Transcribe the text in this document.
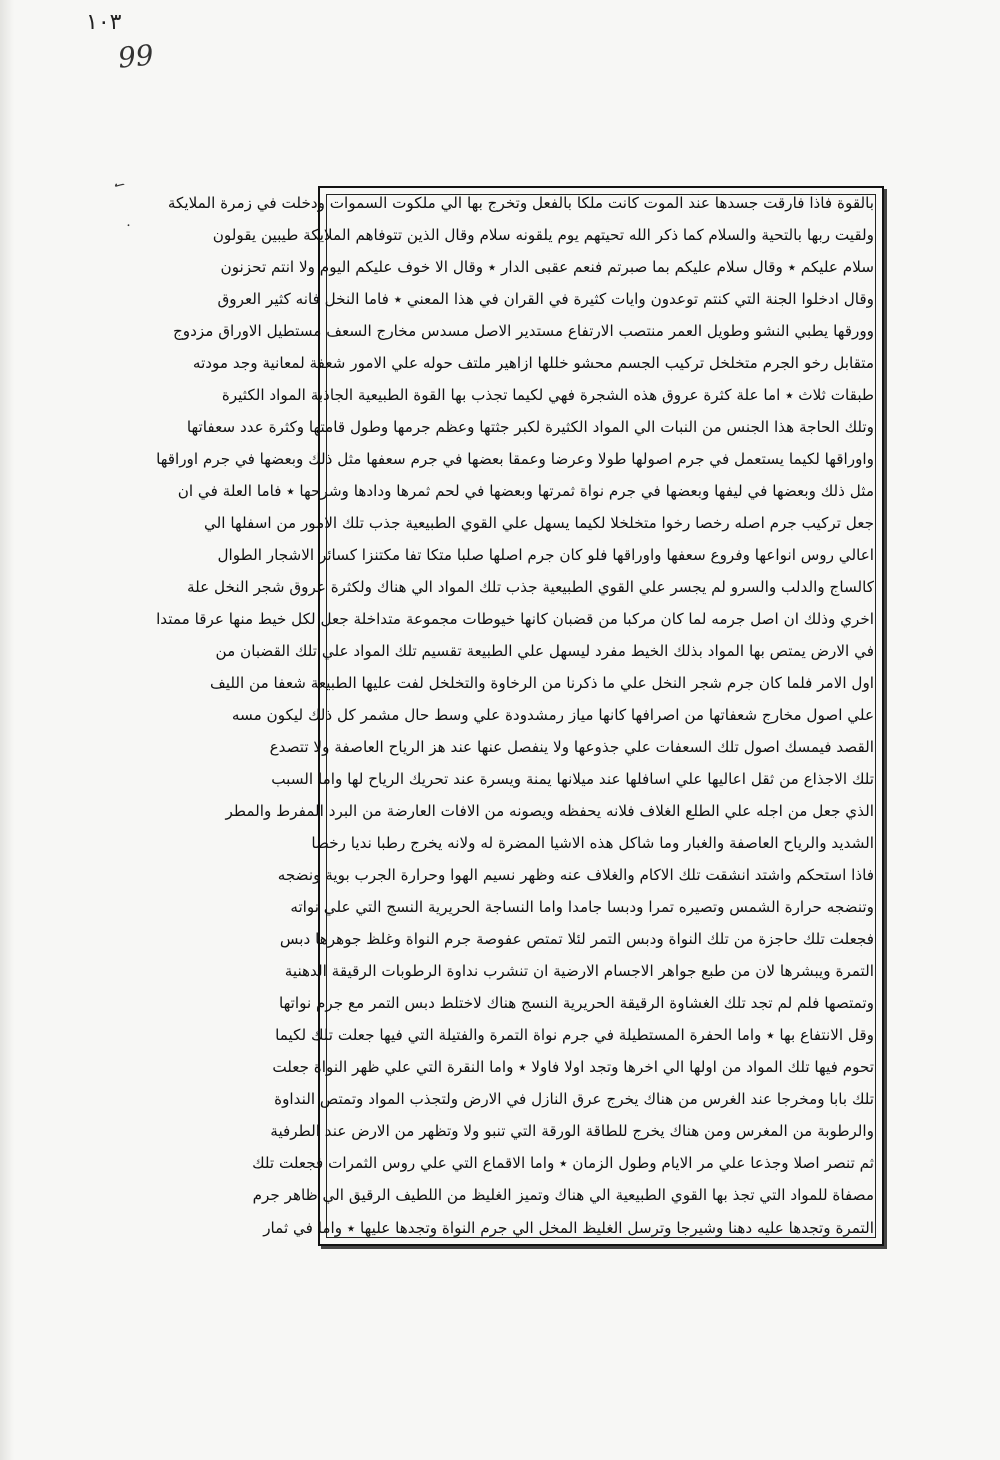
١٠٣
99
✓
·
بالقوة فاذا فارقت جسدها عند الموت كانت ملكا بالفعل وتخرج بها الي ملكوت السموات ودخلت في زمرة الملايكة
ولقيت ربها بالتحية والسلام كما ذكر الله تحيتهم يوم يلقونه سلام وقال الذين تتوفاهم الملايكة طيبين يقولون
سلام عليكم ٭ وقال سلام عليكم بما صبرتم فنعم عقبى الدار ٭ وقال الا خوف عليكم اليوم ولا انتم تحزنون
وقال ادخلوا الجنة التي كنتم توعدون وايات كثيرة في القران في هذا المعني ٭ فاما النخل فانه كثير العروق
وورقها يطبي النشو وطويل العمر منتصب الارتفاع مستدير الاصل مسدس مخارج السعف مستطيل الاوراق مزدوج
متقابل رخو الجرم متخلخل تركيب الجسم محشو خللها ازاهير ملتف حوله علي الامور شعفة لمعانية وجد مودته
طبقات ثلاث ٭ اما علة كثرة عروق هذه الشجرة فهي لكيما تجذب بها القوة الطبيعية الجاذبة المواد الكثيرة
وتلك الحاجة هذا الجنس من النبات الي المواد الكثيرة لكبر جثتها وعظم جرمها وطول قامتها وكثرة عدد سعفاتها
واوراقها لكيما يستعمل في جرم اصولها طولا وعرضا وعمقا بعضها في جرم سعفها مثل ذلك وبعضها في جرم اوراقها
مثل ذلك وبعضها في ليفها وبعضها في جرم نواة ثمرتها وبعضها في لحم ثمرها ودادها وشرحها ٭ فاما العلة في ان
جعل تركيب جرم اصله رخصا رخوا متخلخلا لكيما يسهل علي القوي الطبيعية جذب تلك الامور من اسفلها الي
اعالي روس انواعها وفروع سعفها واوراقها فلو كان جرم اصلها صلبا متكا تفا مكتنزا كسائر الاشجار الطوال
كالساج والدلب والسرو لم يجسر علي القوي الطبيعية جذب تلك المواد الي هناك ولكثرة عروق شجر النخل علة
اخري وذلك ان اصل جرمه لما كان مركبا من قضبان كانها خيوطات مجموعة متداخلة جعل لكل خيط منها عرقا ممتدا
في الارض يمتص بها المواد بذلك الخيط مفرد ليسهل علي الطبيعة تقسيم تلك المواد علي تلك القضبان من
اول الامر فلما كان جرم شجر النخل علي ما ذكرنا من الرخاوة والتخلخل لفت عليها الطبيعة شعفا من الليف
علي اصول مخارج شعفاتها من اصرافها كانها مياز رمشدودة علي وسط حال مشمر كل ذلك ليكون مسه
القصد فيمسك اصول تلك السعفات علي جذوعها ولا ينفصل عنها عند هز الرياح العاصفة ولا تتصدع
تلك الاجذاع من ثقل اعاليها علي اسافلها عند ميلانها يمنة ويسرة عند تحريك الرياح لها واما السبب
الذي جعل من اجله علي الطلع الغلاف فلانه يحفظه ويصونه من الافات العارضة من البرد المفرط والمطر
الشديد والرياح العاصفة والغبار وما شاكل هذه الاشيا المضرة له ولانه يخرج رطبا نديا رخصا
فاذا استحكم واشتد انشقت تلك الاكام والغلاف عنه وظهر نسيم الهوا وحرارة الجرب بوية ونضجه
وتنضجه حرارة الشمس وتصيره تمرا ودبسا جامدا واما النساجة الحريرية النسج التي علي نواته
فجعلت تلك حاجزة من تلك النواة ودبس التمر لئلا تمتص عفوصة جرم النواة وغلظ جوهرها دبس
التمرة ويبشرها لان من طبع جواهر الاجسام الارضية ان تنشرب نداوة الرطوبات الرقيقة الدهنية
وتمتصها فلم لم تجد تلك الغشاوة الرقيقة الحريرية النسج هناك لاختلط دبس التمر مع جرم نواتها
وقل الانتفاع بها ٭ واما الحفرة المستطيلة في جرم نواة التمرة والفتيلة التي فيها جعلت تلك لكيما
تحوم فيها تلك المواد من اولها الي اخرها وتجد اولا فاولا ٭ واما النقرة التي علي ظهر النواة جعلت
تلك بابا ومخرجا عند الغرس من هناك يخرج عرق النازل في الارض ولتجذب المواد وتمتص النداوة
والرطوبة من المغرس ومن هناك يخرج للطاقة الورقة التي تنبو ولا وتظهر من الارض عند الطرفية
ثم تنصر اصلا وجذعا علي مر الايام وطول الزمان ٭ واما الاقماع التي علي روس الثمرات فجعلت تلك
مصفاة للمواد التي تجذ بها القوي الطبيعية الي هناك وتميز الغليظ من اللطيف الرقيق الي ظاهر جرم
التمرة وتجدها عليه دهنا وشيرجا وترسل الغليظ المخل الي جرم النواة وتجدها عليها ٭ واما في ثمار
